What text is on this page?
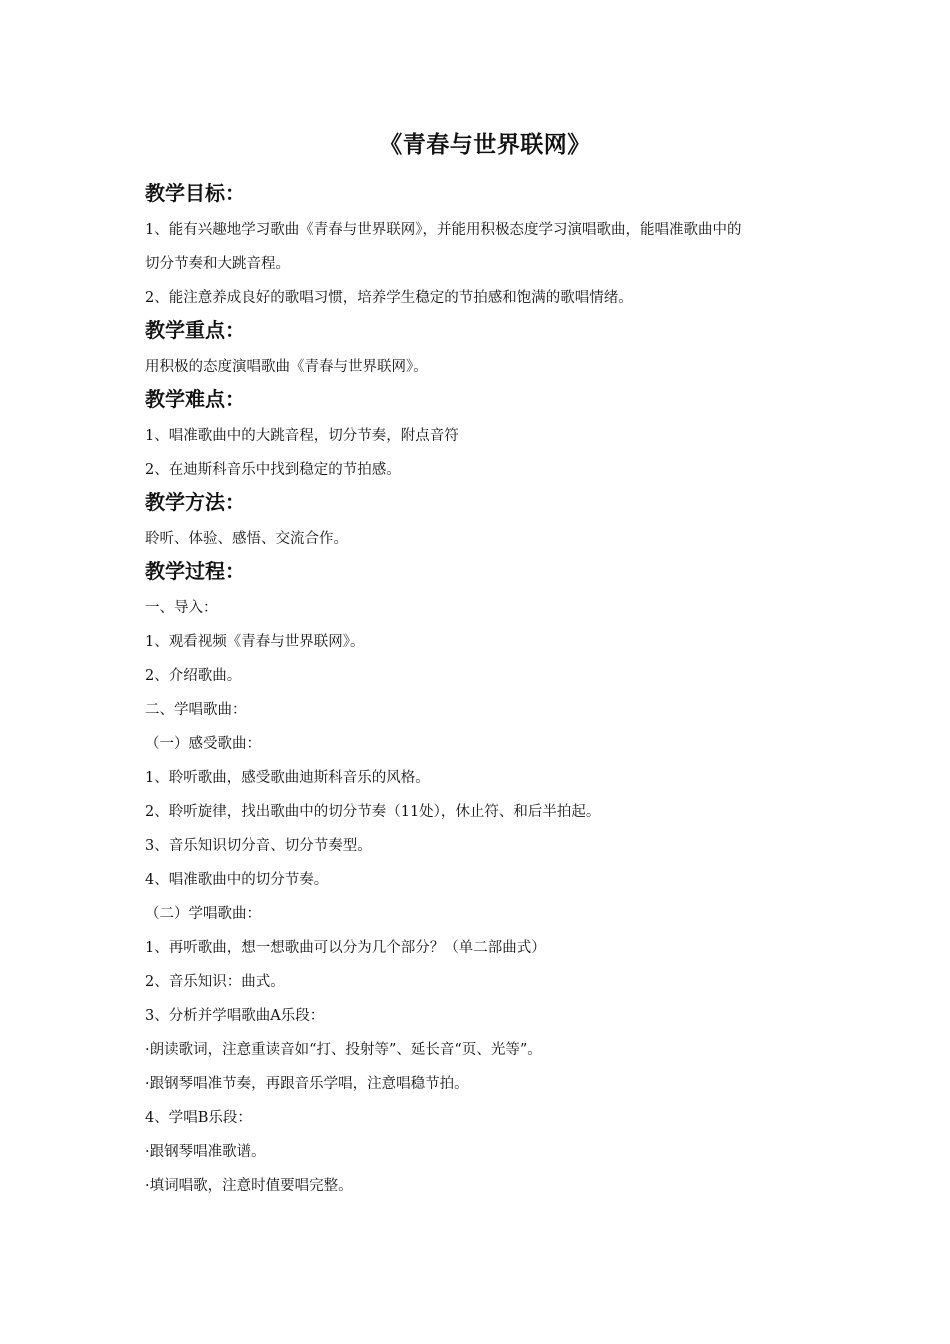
《青春与世界联网》
教学目标：

1、能有兴趣地学习歌曲《青春与世界联网》，并能用积极态度学习演唱歌曲，能唱准歌曲中的

切分节奏和大跳音程。

2、能注意养成良好的歌唱习惯，培养学生稳定的节拍感和饱满的歌唱情绪。

教学重点：

用积极的态度演唱歌曲《青春与世界联网》。

教学难点：

1、唱准歌曲中的大跳音程，切分节奏，附点音符

2、在迪斯科音乐中找到稳定的节拍感。

教学方法：

聆听、体验、感悟、交流合作。

教学过程：

一、导入：

1、观看视频《青春与世界联网》。

2、介绍歌曲。

二、学唱歌曲：

（一）感受歌曲：

1、聆听歌曲，感受歌曲迪斯科音乐的风格。

2、聆听旋律，找出歌曲中的切分节奏（11处），休止符、和后半拍起。

3、音乐知识切分音、切分节奏型。

4、唱准歌曲中的切分节奏。

（二）学唱歌曲：

1、再听歌曲，想一想歌曲可以分为几个部分？（单二部曲式）

2、音乐知识：曲式。

3、分析并学唱歌曲A乐段：

·朗读歌词，注意重读音如“打、投射等”、延长音“页、光等”。

·跟钢琴唱准节奏，再跟音乐学唱，注意唱稳节拍。

4、学唱B乐段：

·跟钢琴唱准歌谱。

·填词唱歌，注意时值要唱完整。
